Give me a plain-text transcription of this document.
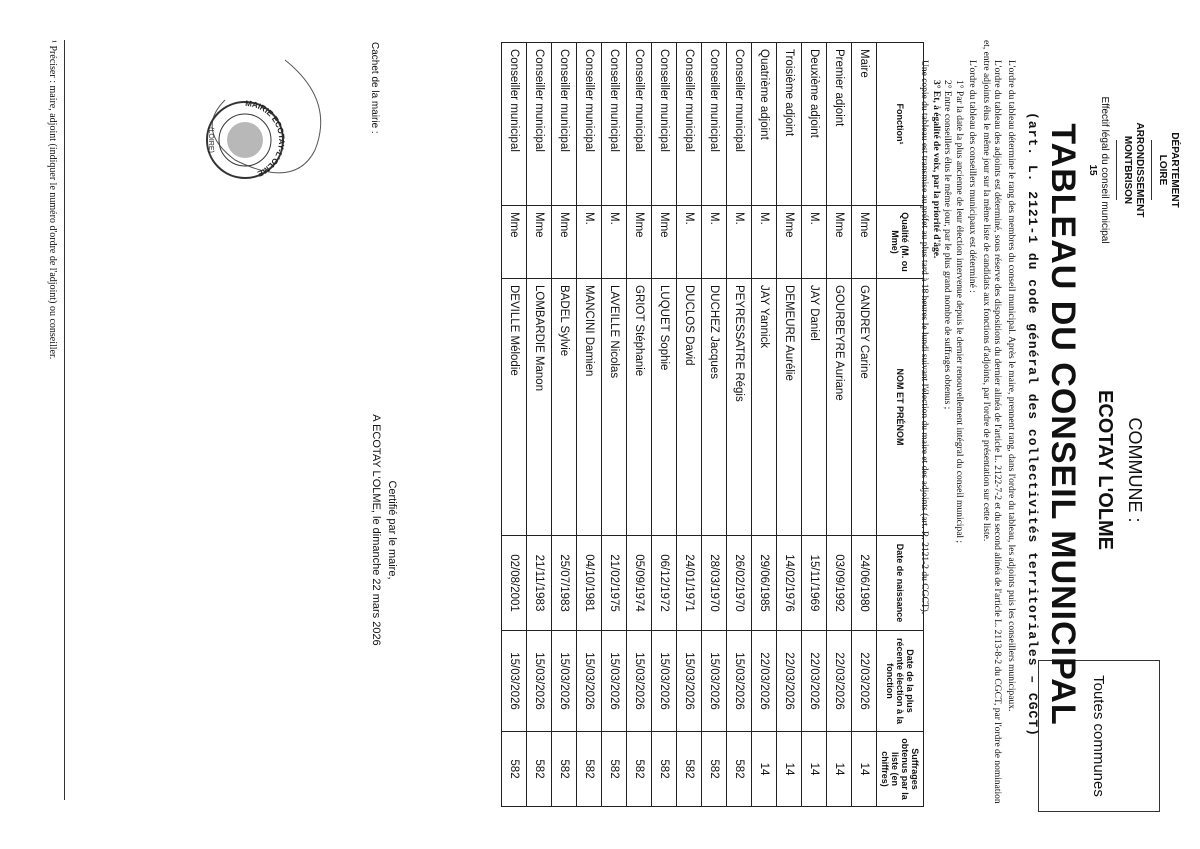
DÉPARTEMENT
LOIRE
ARRONDISSEMENT
MONTBRISON
Effectif légal du conseil municipal
15
COMMUNE :
ECOTAY L'OLME
Toutes communes
TABLEAU DU CONSEIL MUNICIPAL
(art. L. 2121-1 du code général des collectivités territoriales – CGCT)

L'ordre du tableau détermine le rang des membres du conseil municipal. Après le maire, prennent rang, dans l'ordre du tableau, les adjoints puis les conseillers municipaux.

L'ordre du tableau des adjoints est déterminé, sous réserve des dispositions du dernier alinéa de l'article L. 2122-7-2 et du second alinéa de l'article L. 2113-8-2 du CGCT, par l'ordre de nomination et, entre adjoints élus le même jour sur la même liste de candidats aux fonctions d'adjoints, par l'ordre de présentation sur cette liste.

L'ordre du tableau des conseillers municipaux est déterminé :

1° Par la date la plus ancienne de leur élection intervenue depuis le dernier renouvellement intégral du conseil municipal ;
2° Entre conseillers élus le même jour, par le plus grand nombre de suffrages obtenus ;
3° Et, à égalité de voix, par la priorité d'âge.

Une copie du tableau est transmise au préfet au plus tard à 18 heures le lundi suivant l'élection du maire et des adjoints (art. R. 2121-2 du CGCT).

Fonction¹	Qualité (M. ou Mme)	NOM ET PRÉNOM	Date de naissance	Date de la plus récente élection à la fonction	Suffrages obtenus par la liste (en chiffres)
Maire	Mme	GANDREY Carine	24/06/1980	22/03/2026	14
Premier adjoint	Mme	GOURBEYRE Auriane	03/09/1992	22/03/2026	14
Deuxième adjoint	M.	JAY Daniel	15/11/1969	22/03/2026	14
Troisième adjoint	Mme	DEMEURE Aurélie	14/02/1976	22/03/2026	14
Quatrième adjoint	M.	JAY Yannick	29/06/1985	22/03/2026	14
Conseiller municipal	M.	PEYRESSATRE Régis	26/02/1970	15/03/2026	582
Conseiller municipal	M.	DUCHEZ Jacques	28/03/1970	15/03/2026	582
Conseiller municipal	M.	DUCLOS David	24/01/1971	15/03/2026	582
Conseiller municipal	Mme	LUQUET Sophie	06/12/1972	15/03/2026	582
Conseiller municipal	Mme	GRIOT Stéphanie	05/09/1974	15/03/2026	582
Conseiller municipal	M.	LAVEILLE Nicolas	21/02/1975	15/03/2026	582
Conseiller municipal	M.	MANCINI Damien	04/10/1981	15/03/2026	582
Conseiller municipal	Mme	BADEL Sylvie	25/07/1983	15/03/2026	582
Conseiller municipal	Mme	LOMBARDIE Manon	21/11/1983	15/03/2026	582
Conseiller municipal	Mme	DEVILLE Mélodie	02/08/2001	15/03/2026	582
Cachet de la mairie :
MAIRIE ECOTAY-L'OLME
(LOIRE)
Certifié par le maire,
A ECOTAY L'OLME, le dimanche 22 mars 2026
¹ Préciser : maire, adjoint (indiquer le numéro d'ordre de l'adjoint) ou conseiller.
